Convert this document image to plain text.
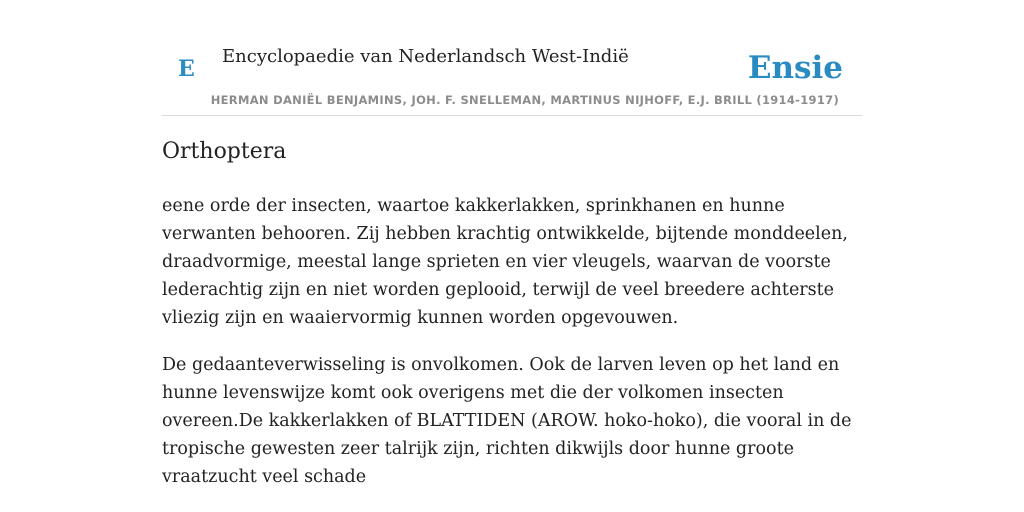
E Encyclopaedie van Nederlandsch West-Indië	Ensie
HERMAN DANIËL BENJAMINS, JOH. F. SNELLEMAN, MARTINUS NIJHOFF, E.J. BRILL (1914-1917)
Orthoptera

eene orde der insecten, waartoe kakkerlakken, sprinkhanen en hunne verwanten behooren. Zij hebben krachtig ontwikkelde, bijtende monddeelen, draadvormige, meestal lange sprieten en vier vleugels, waarvan de voorste lederachtig zijn en niet worden geplooid, terwijl de veel breedere achterste vliezig zijn en waaiervormig kunnen worden opgevouwen.

De gedaanteverwisseling is onvolkomen. Ook de larven leven op het land en hunne levenswijze komt ook overigens met die der volkomen insecten overeen.De kakkerlakken of BLATTIDEN (AROW. hoko-hoko), die vooral in de tropische gewesten zeer talrijk zijn, richten dikwijls door hunne groote vraatzucht veel schade
